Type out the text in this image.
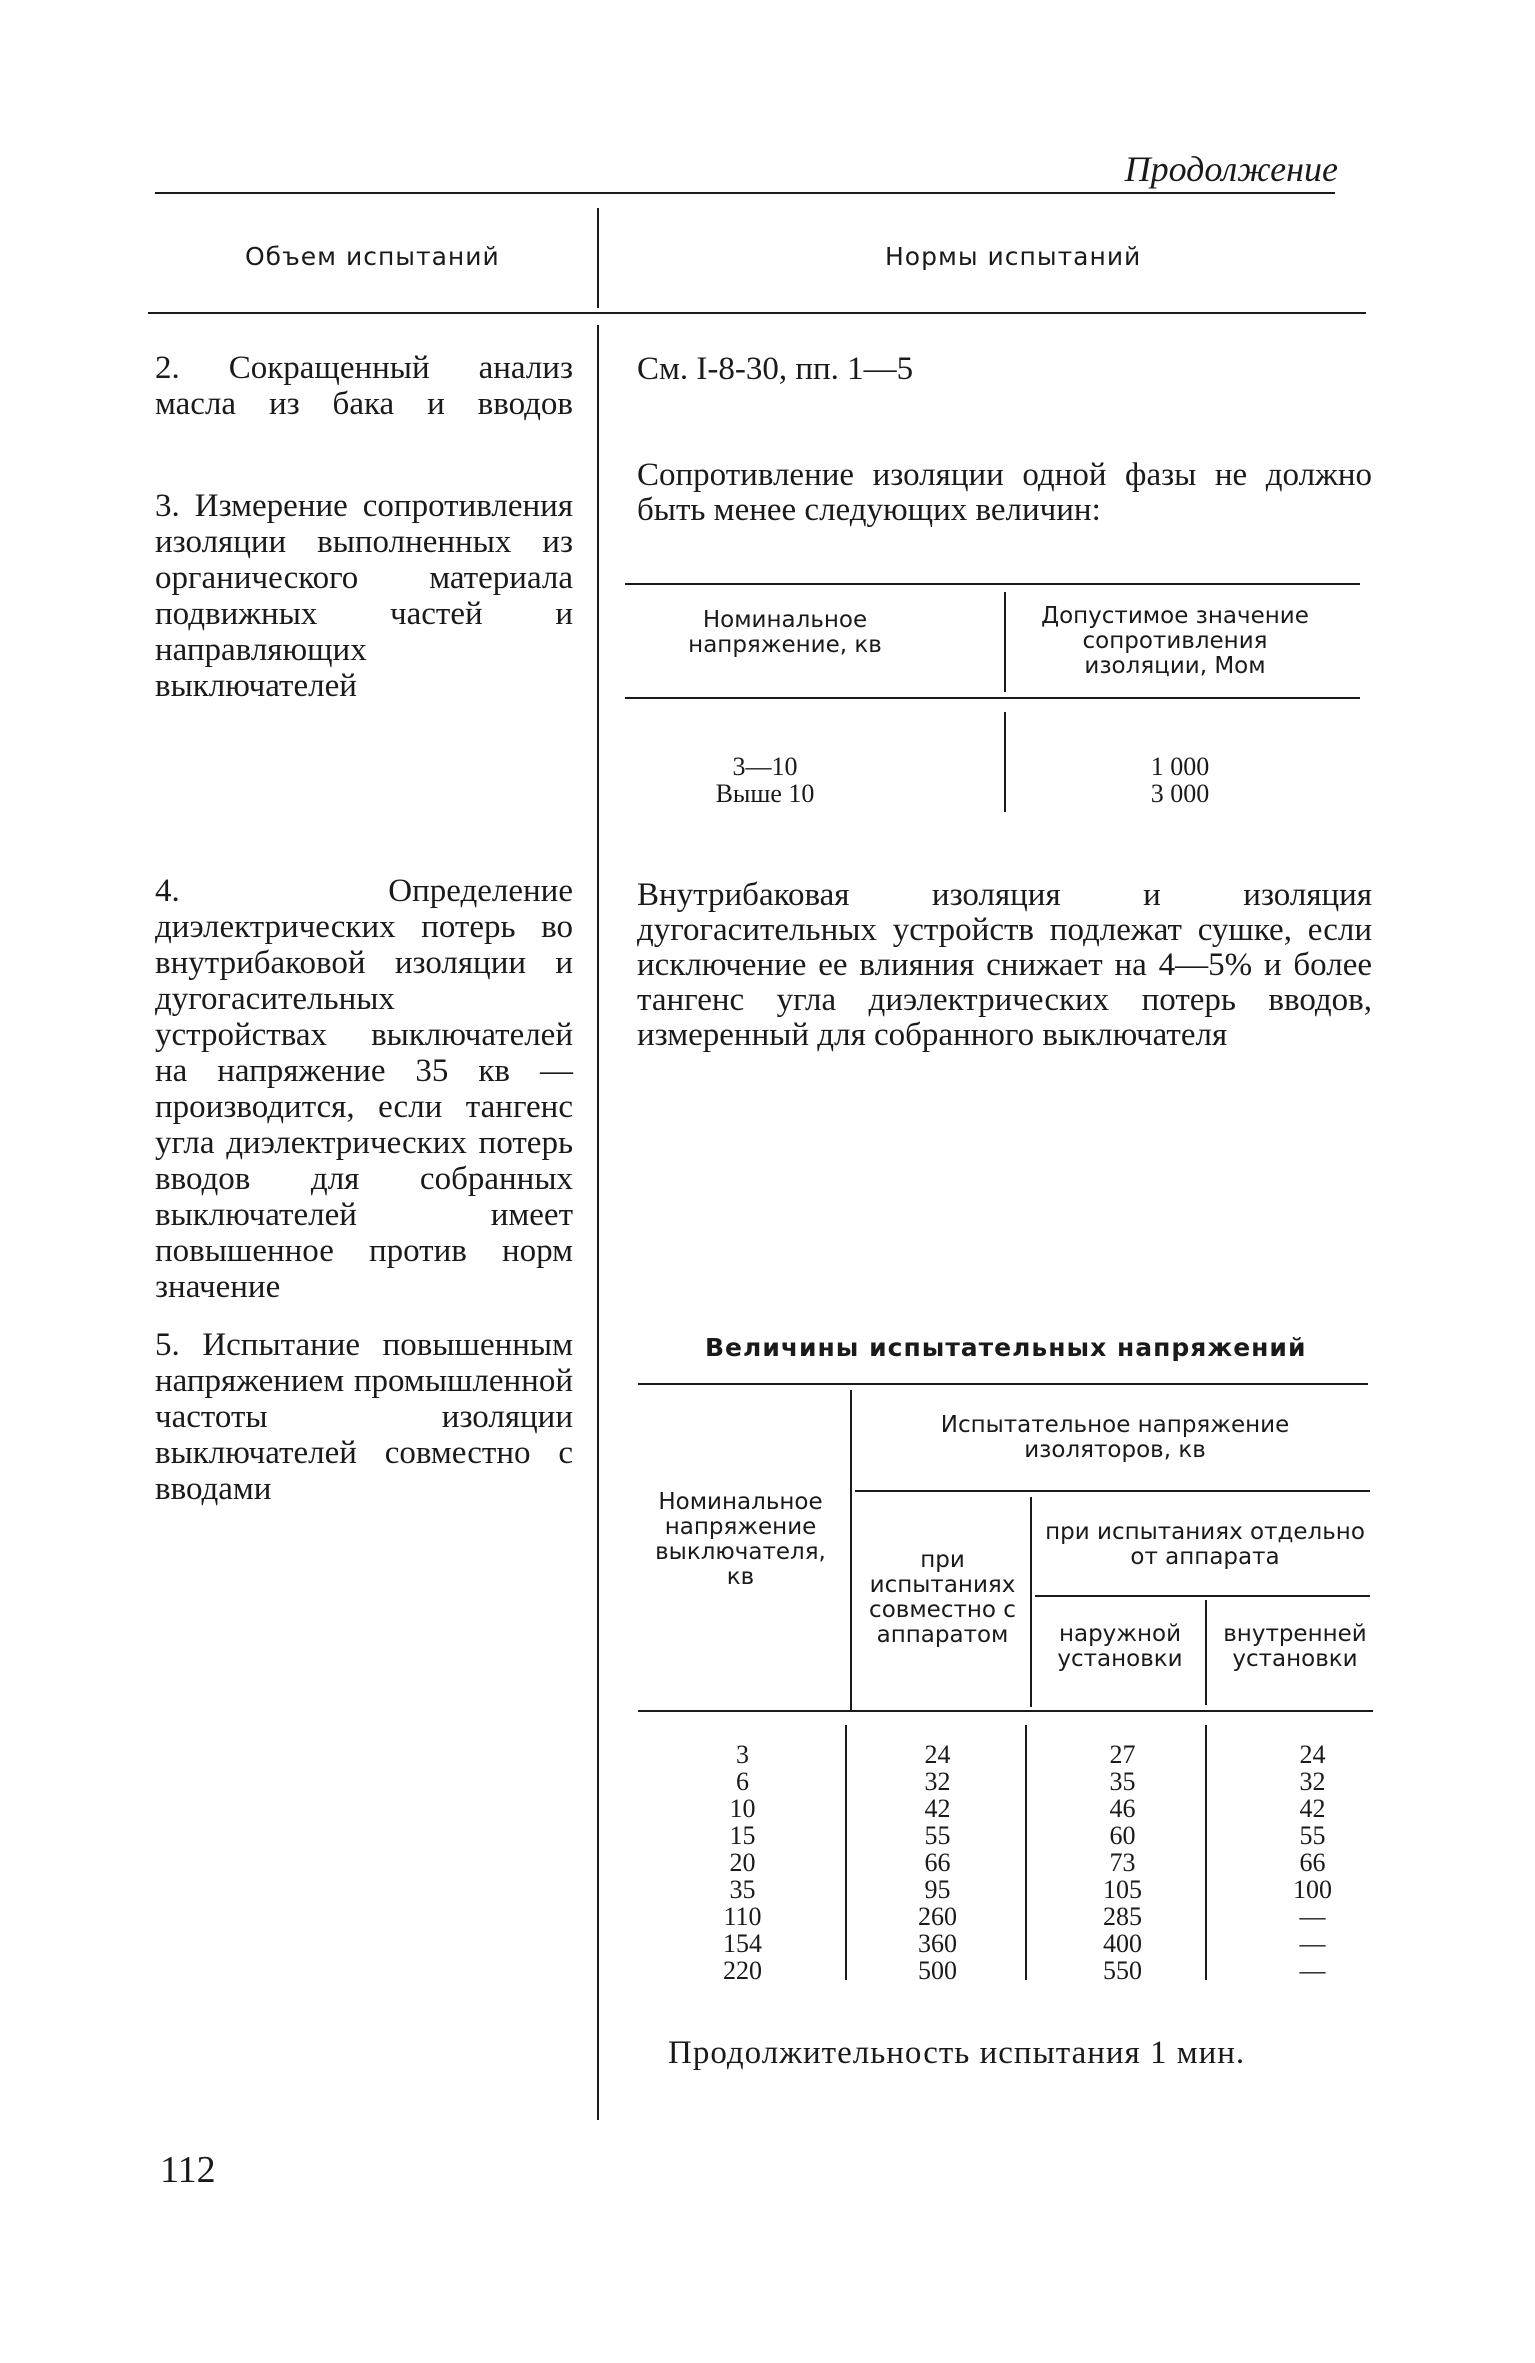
Продолжение
Объем испытаний	Нормы испытаний
2. Сокращенный анализ масла из бака и вводов
3. Измерение сопротивления изоляции выполненных из органического материала подвижных частей и направляющих выключателей
4. Определение диэлектрических потерь во внутрибаковой изоляции и дугогасительных устройствах выключателей на напряжение 35 кв — производится, если тангенс угла диэлектрических потерь вводов для собранных выключателей имеет повышенное против норм значение
5. Испытание повышенным напряжением промышленной частоты изоляции выключателей совместно с вводами
См. I-8-30, пп. 1—5
Сопротивление изоляции одной фазы не должно быть менее следующих величин:
Номинальное напряжение, кв
Допустимое значение сопротивления изоляции, Мом
3—10
Выше 10
1 000
3 000
Внутрибаковая изоляция и изоляция дугогасительных устройств подлежат сушке, если исключение ее влияния снижает на 4—5% и более тангенс угла диэлектрических потерь вводов, измеренный для собранного выключателя
Величины испытательных напряжений
Испытательное напряжение изоляторов, кв
Номинальное напряжение выключателя, кв
при испытаниях отдельно от аппарата
при испытаниях совместно с аппаратом	наружной установки
внутренней установки
3
6
10
15
20
35
110
154
220
24
32
42
55
66
95
260
360
500
27
35
46
60
73
105
285
400
550
24
32
42
55
66
100
—
—
—
Продолжительность испытания 1 мин.
112
